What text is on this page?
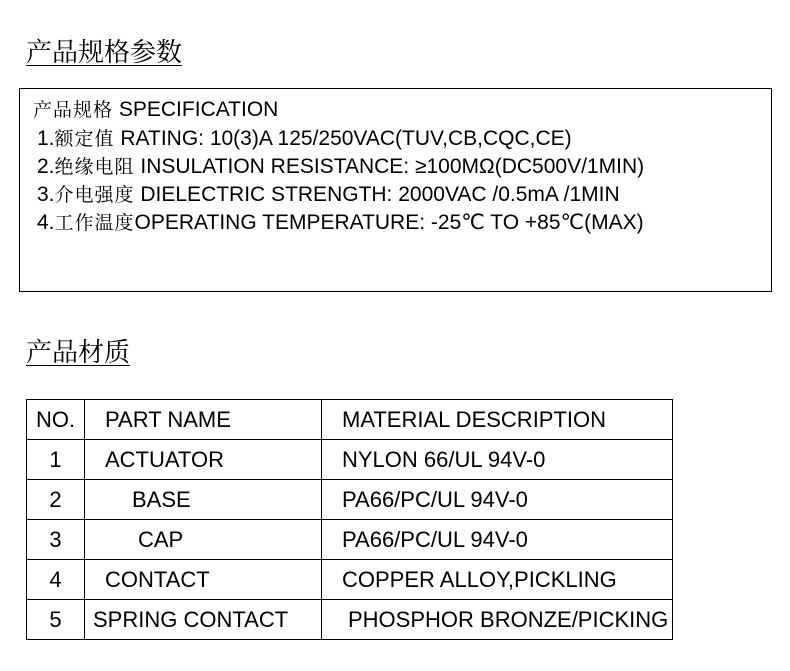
产品规格参数
产品规格 SPECIFICATION
1.额定值 RATING: 10(3)A 125/250VAC(TUV,CB,CQC,CE)
2.绝缘电阻 INSULATION RESISTANCE: ≥100MΩ(DC500V/1MIN)
3.介电强度 DIELECTRIC STRENGTH: 2000VAC /0.5mA /1MIN
4.工作温度OPERATING TEMPERATURE: -25℃ TO +85℃(MAX)
产品材质
NO.	PART NAME	MATERIAL DESCRIPTION
1	ACTUATOR	NYLON 66/UL 94V-0
2	BASE	PA66/PC/UL 94V-0
3	CAP	PA66/PC/UL 94V-0
4	CONTACT	COPPER ALLOY,PICKLING
5	SPRING CONTACT	PHOSPHOR BRONZE/PICKING
